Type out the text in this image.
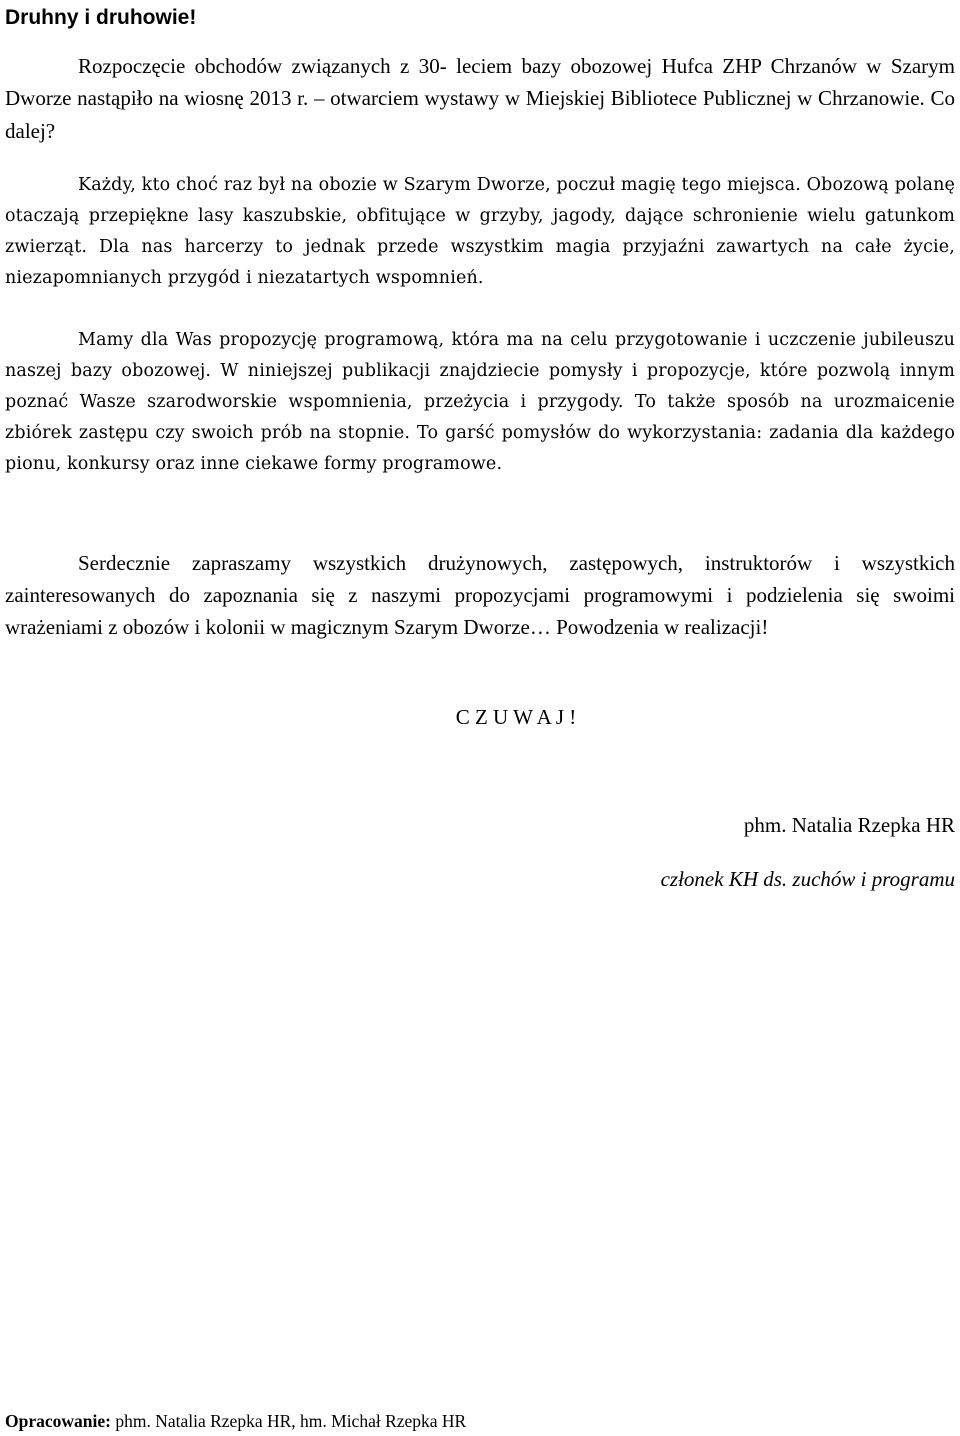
Druhny i druhowie!

Rozpoczęcie obchodów związanych z 30- leciem bazy obozowej Hufca ZHP Chrzanów w Szarym Dworze nastąpiło na wiosnę 2013 r. – otwarciem wystawy w Miejskiej Bibliotece Publicznej w Chrzanowie. Co dalej?

Każdy, kto choć raz był na obozie w Szarym Dworze, poczuł magię tego miejsca. Obozową polanę otaczają przepiękne lasy kaszubskie, obfitujące w grzyby, jagody, dające schronienie wielu gatunkom zwierząt. Dla nas harcerzy to jednak przede wszystkim magia przyjaźni zawartych na całe życie, niezapomnianych przygód i niezatartych wspomnień.

Mamy dla Was propozycję programową, która ma na celu przygotowanie i uczczenie jubileuszu naszej bazy obozowej. W niniejszej publikacji znajdziecie pomysły i propozycje, które pozwolą innym poznać Wasze szarodworskie wspomnienia, przeżycia i przygody. To także sposób na urozmaicenie zbiórek zastępu czy swoich prób na stopnie. To garść pomysłów do wykorzystania: zadania dla każdego pionu, konkursy oraz inne ciekawe formy programowe.

Serdecznie zapraszamy wszystkich drużynowych, zastępowych, instruktorów i wszystkich zainteresowanych do zapoznania się z naszymi propozycjami programowymi i podzielenia się swoimi wrażeniami z obozów i kolonii w magicznym Szarym Dworze… Powodzenia w realizacji!

C Z U W A J !

phm. Natalia Rzepka HR

członek KH ds. zuchów i programu

Opracowanie: phm. Natalia Rzepka HR, hm. Michał Rzepka HR
